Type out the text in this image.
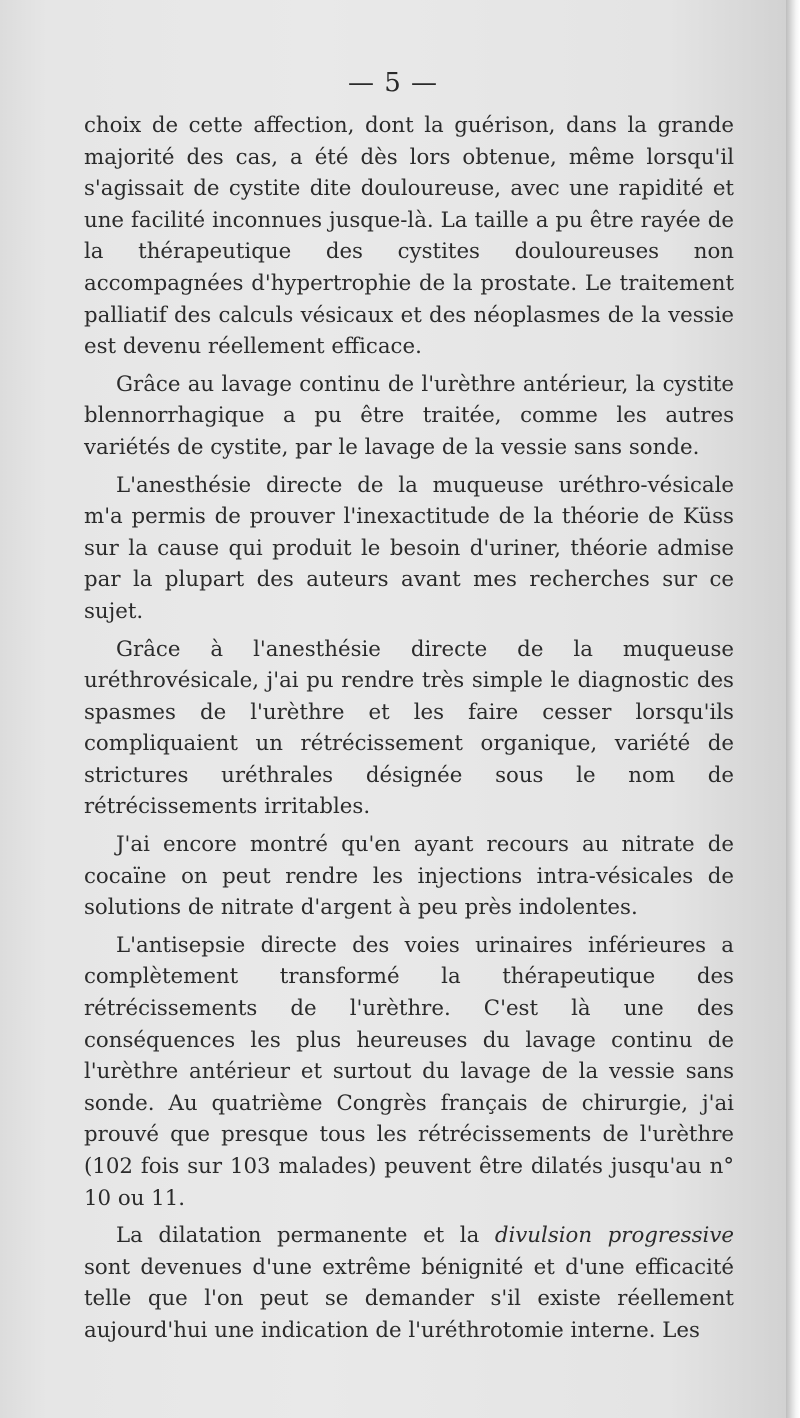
— 5 —

choix de cette affection, dont la guérison, dans la grande majorité des cas, a été dès lors obtenue, même lorsqu'il s'agissait de cystite dite douloureuse, avec une rapidité et une facilité inconnues jusque-là. La taille a pu être rayée de la thérapeutique des cystites douloureuses non accompagnées d'hypertrophie de la prostate. Le traitement palliatif des calculs vésicaux et des néoplasmes de la vessie est devenu réellement efficace.

Grâce au lavage continu de l'urèthre antérieur, la cystite blennorrhagique a pu être traitée, comme les autres variétés de cystite, par le lavage de la vessie sans sonde.

L'anesthésie directe de la muqueuse uréthro-vésicale m'a permis de prouver l'inexactitude de la théorie de Küss sur la cause qui produit le besoin d'uriner, théorie admise par la plupart des auteurs avant mes recherches sur ce sujet.

Grâce à l'anesthésie directe de la muqueuse uréthrovésicale, j'ai pu rendre très simple le diagnostic des spasmes de l'urèthre et les faire cesser lorsqu'ils compliquaient un rétrécissement organique, variété de strictures uréthrales désignée sous le nom de rétrécissements irritables.

J'ai encore montré qu'en ayant recours au nitrate de cocaïne on peut rendre les injections intra-vésicales de solutions de nitrate d'argent à peu près indolentes.

L'antisepsie directe des voies urinaires inférieures a complètement transformé la thérapeutique des rétrécissements de l'urèthre. C'est là une des conséquences les plus heureuses du lavage continu de l'urèthre antérieur et surtout du lavage de la vessie sans sonde. Au quatrième Congrès français de chirurgie, j'ai prouvé que presque tous les rétrécissements de l'urèthre (102 fois sur 103 malades) peuvent être dilatés jusqu'au n° 10 ou 11.

La dilatation permanente et la divulsion progressive sont devenues d'une extrême bénignité et d'une efficacité telle que l'on peut se demander s'il existe réellement aujourd'hui une indication de l'uréthrotomie interne. Les
